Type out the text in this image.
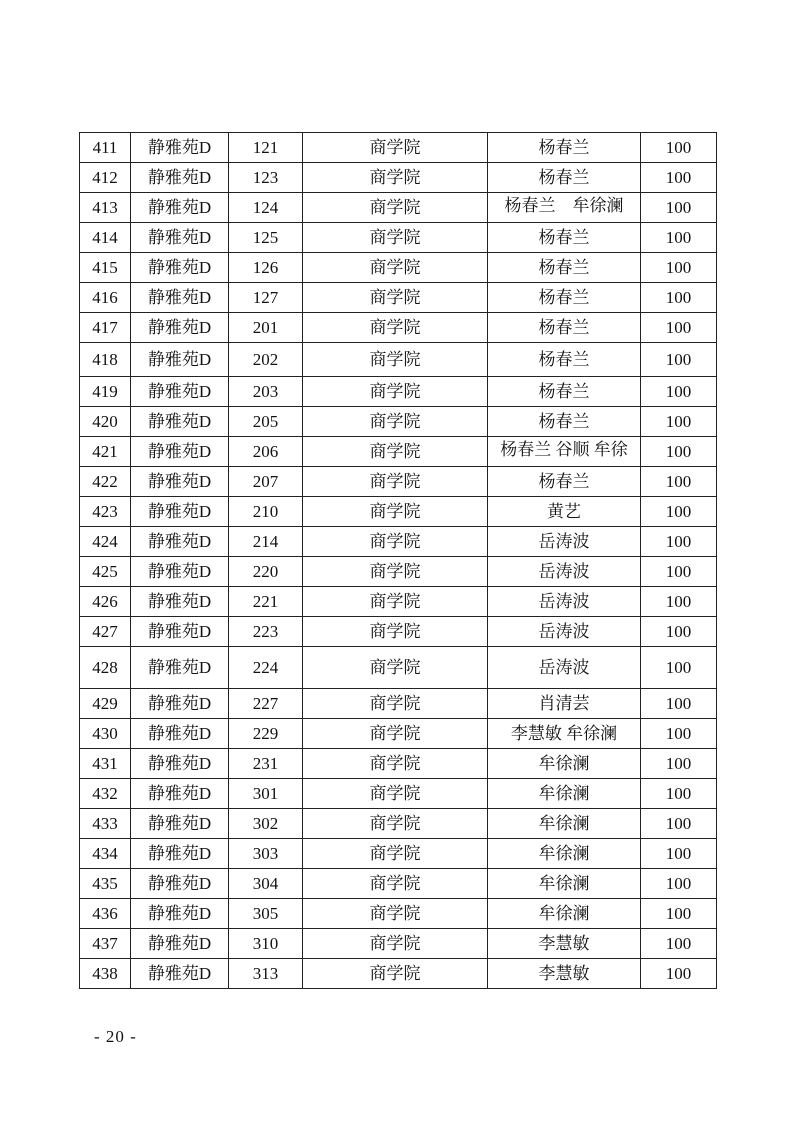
411	静雅苑D	121	商学院	杨春兰	100
412	静雅苑D	123	商学院	杨春兰	100
413	静雅苑D	124	商学院	杨春兰　牟徐澜	100
414	静雅苑D	125	商学院	杨春兰	100
415	静雅苑D	126	商学院	杨春兰	100
416	静雅苑D	127	商学院	杨春兰	100
417	静雅苑D	201	商学院	杨春兰	100
418	静雅苑D	202	商学院	杨春兰	100
419	静雅苑D	203	商学院	杨春兰	100
420	静雅苑D	205	商学院	杨春兰	100
421	静雅苑D	206	商学院	杨春兰 谷顺 牟徐	100
422	静雅苑D	207	商学院	杨春兰	100
423	静雅苑D	210	商学院	黄艺	100
424	静雅苑D	214	商学院	岳涛波	100
425	静雅苑D	220	商学院	岳涛波	100
426	静雅苑D	221	商学院	岳涛波	100
427	静雅苑D	223	商学院	岳涛波	100
428	静雅苑D	224	商学院	岳涛波	100
429	静雅苑D	227	商学院	肖清芸	100
430	静雅苑D	229	商学院	李慧敏 牟徐澜	100
431	静雅苑D	231	商学院	牟徐澜	100
432	静雅苑D	301	商学院	牟徐澜	100
433	静雅苑D	302	商学院	牟徐澜	100
434	静雅苑D	303	商学院	牟徐澜	100
435	静雅苑D	304	商学院	牟徐澜	100
436	静雅苑D	305	商学院	牟徐澜	100
437	静雅苑D	310	商学院	李慧敏	100
438	静雅苑D	313	商学院	李慧敏	100
- 20 -
